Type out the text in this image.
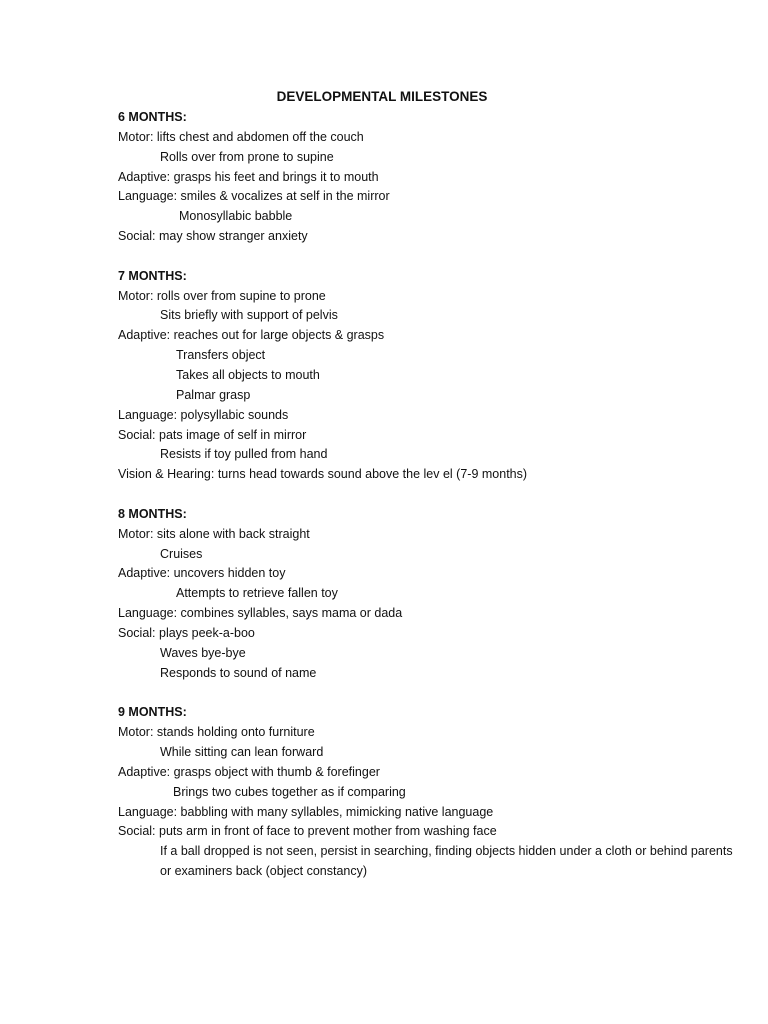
DEVELOPMENTAL MILESTONES
6 MONTHS:
Motor: lifts chest and abdomen off the couch
Rolls over from prone to supine
Adaptive: grasps his feet and brings it to mouth
Language: smiles & vocalizes at self in the mirror
Monosyllabic babble
Social: may show stranger anxiety
7 MONTHS:
Motor: rolls over from supine to prone
Sits briefly with support of pelvis
Adaptive: reaches out for large objects & grasps
Transfers object
Takes all objects to mouth
Palmar grasp
Language: polysyllabic sounds
Social: pats image of self in mirror
Resists if toy pulled from hand
Vision & Hearing: turns head towards sound above the lev el (7-9 months)
8 MONTHS:
Motor: sits alone with back straight
Cruises
Adaptive: uncovers hidden toy
Attempts to retrieve fallen toy
Language: combines syllables, says mama or dada
Social: plays peek-a-boo
Waves bye-bye
Responds to sound of name
9 MONTHS:
Motor: stands holding onto furniture
While sitting can lean forward
Adaptive: grasps object with thumb & forefinger
Brings two cubes together as if comparing
Language: babbling with many syllables, mimicking native language
Social: puts arm in front of face to prevent mother from washing face
If a ball dropped is not seen, persist in searching, finding objects hidden under a cloth or behind parents or examiners back (object constancy)
